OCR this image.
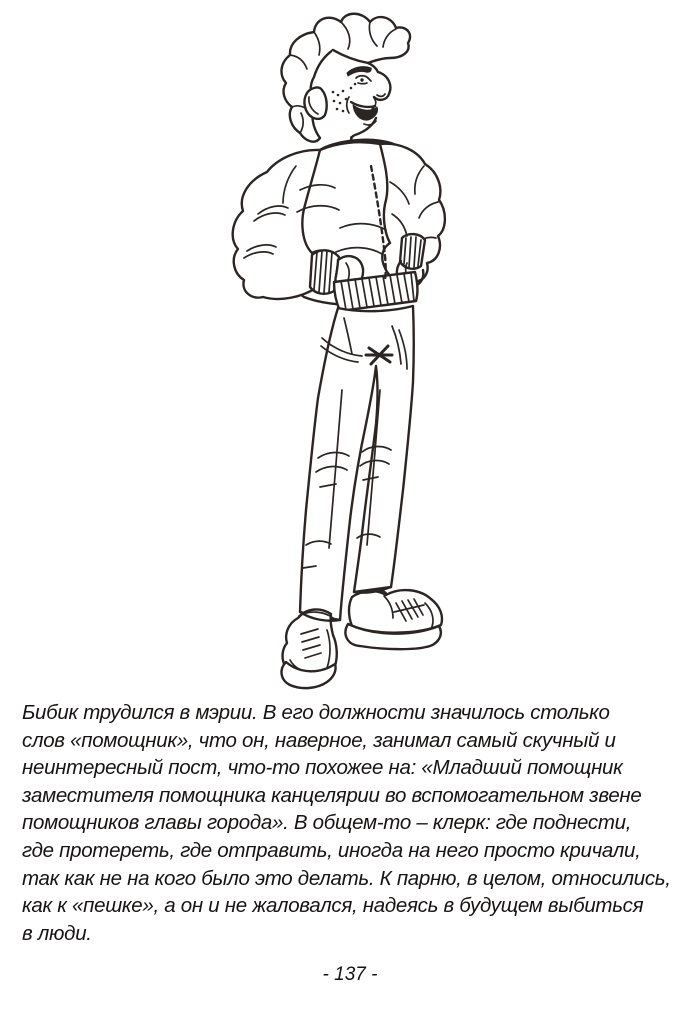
Бибик трудился в мэрии. В его должности значилось столько
слов «помощник», что он, наверное, занимал самый скучный и
неинтересный пост, что-то похожее на: «Младший помощник
заместителя помощника канцелярии во вспомогательном звене
помощников главы города». В общем-то – клерк: где поднести,
где протереть, где отправить, иногда на него просто кричали,
так как не на кого было это делать. К парню, в целом, относились,
как к «пешке», а он и не жаловался, надеясь в будущем выбиться
в люди.
- 137 -
